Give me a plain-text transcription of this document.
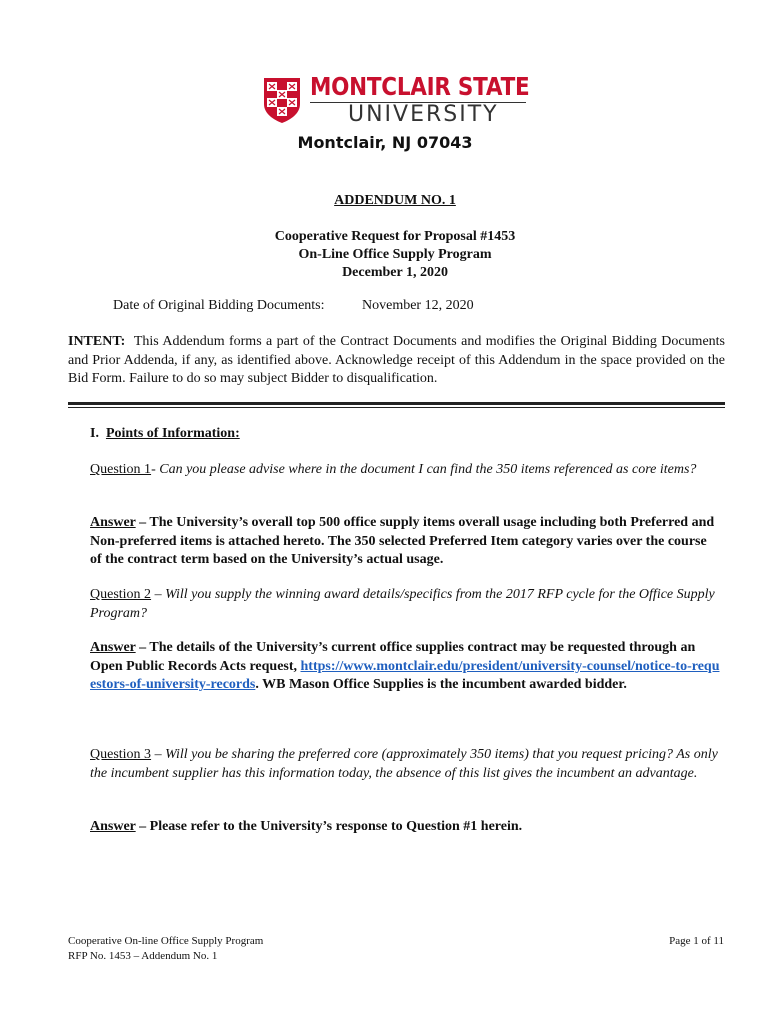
MONTCLAIR STATE
UNIVERSITY
Montclair, NJ 07043
ADDENDUM NO. 1
Cooperative Request for Proposal #1453
On-Line Office Supply Program
December 1, 2020
Date of Original Bidding Documents:	November 12, 2020
INTENT: This Addendum forms a part of the Contract Documents and modifies the Original Bidding Documents and Prior Addenda, if any, as identified above. Acknowledge receipt of this Addendum in the space provided on the Bid Form. Failure to do so may subject Bidder to disqualification.
I. Points of Information:
Question 1- Can you please advise where in the document I can find the 350 items referenced as core items?
Answer – The University’s overall top 500 office supply items overall usage including both Preferred and Non-preferred items is attached hereto. The 350 selected Preferred Item category varies over the course of the contract term based on the University’s actual usage.
Question 2 – Will you supply the winning award details/specifics from the 2017 RFP cycle for the Office Supply Program?
Answer – The details of the University’s current office supplies contract may be requested through an Open Public Records Acts request, https://www.montclair.edu/president/university-counsel/notice-to-requestors-of-university-records. WB Mason Office Supplies is the incumbent awarded bidder.
Question 3 – Will you be sharing the preferred core (approximately 350 items) that you request pricing? As only the incumbent supplier has this information today, the absence of this list gives the incumbent an advantage.
Answer – Please refer to the University’s response to Question #1 herein.
Cooperative On-line Office Supply Program
RFP No. 1453 – Addendum No. 1
Page 1 of 11
